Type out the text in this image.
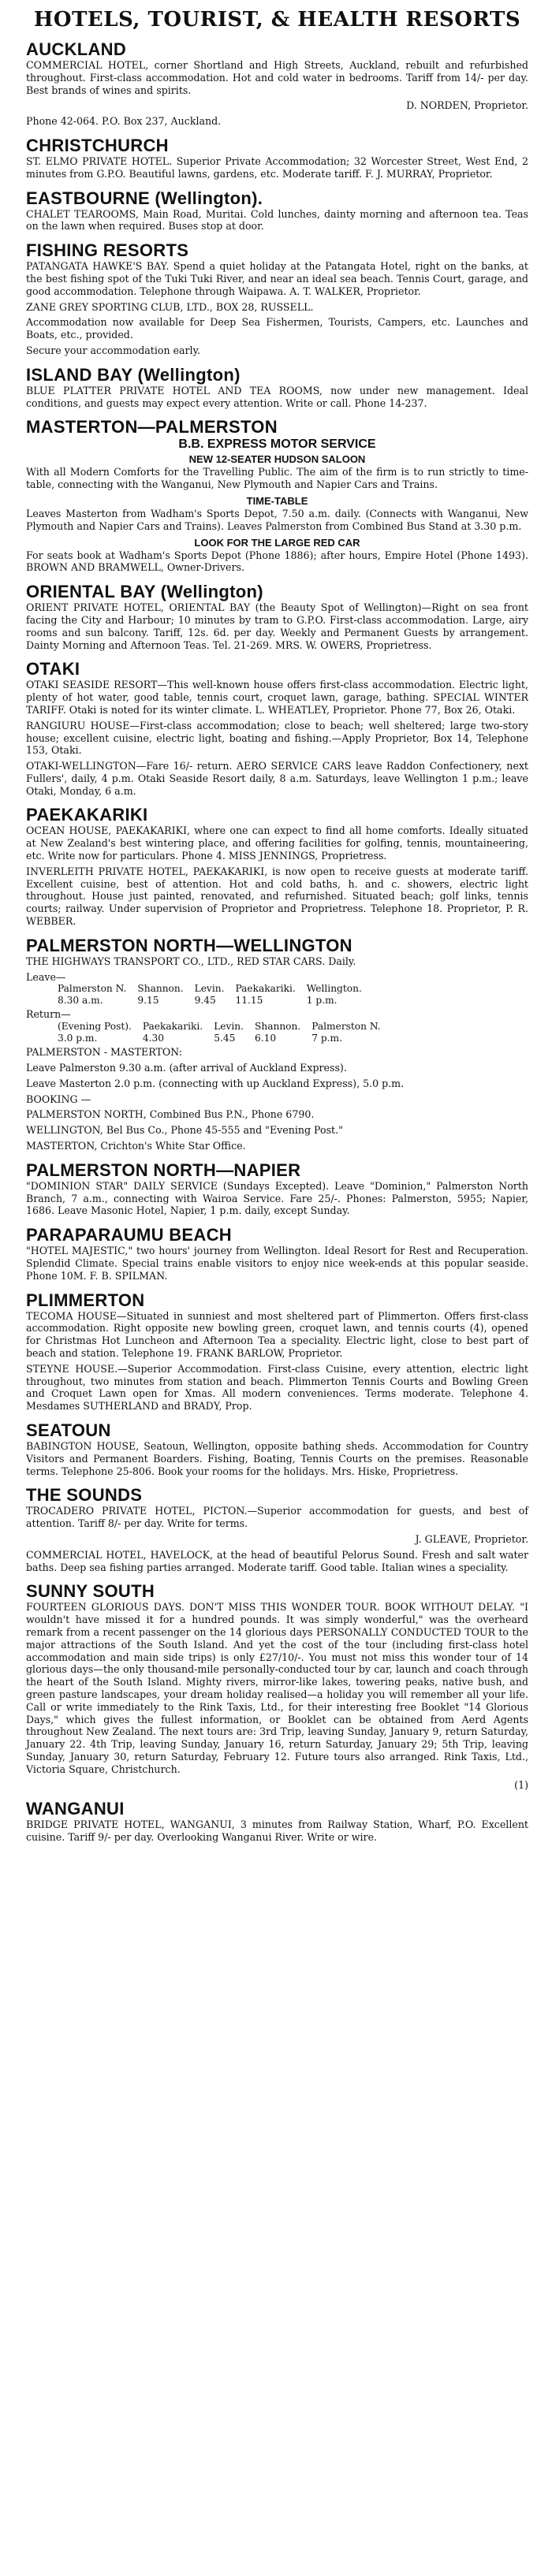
HOTELS, TOURIST, & HEALTH RESORTS
AUCKLAND

COMMERCIAL HOTEL, corner Shortland and High Streets, Auckland, rebuilt and refurbished throughout. First-class accommodation. Hot and cold water in bedrooms. Tariff from 14/- per day. Best brands of wines and spirits.

D. NORDEN, Proprietor.

Phone 42-064. P.O. Box 237, Auckland.

CHRISTCHURCH

ST. ELMO PRIVATE HOTEL. Superior Private Accommodation; 32 Worcester Street, West End, 2 minutes from G.P.O. Beautiful lawns, gardens, etc. Moderate tariff. F. J. MURRAY, Proprietor.

EASTBOURNE (Wellington).

CHALET TEAROOMS, Main Road, Muritai. Cold lunches, dainty morning and afternoon tea. Teas on the lawn when required. Buses stop at door.

FISHING RESORTS

PATANGATA HAWKE'S BAY. Spend a quiet holiday at the Patangata Hotel, right on the banks, at the best fishing spot of the Tuki Tuki River, and near an ideal sea beach. Tennis Court, garage, and good accommodation. Telephone through Waipawa. A. T. WALKER, Proprietor.

ZANE GREY SPORTING CLUB, LTD., BOX 28, RUSSELL.

Accommodation now available for Deep Sea Fishermen, Tourists, Campers, etc. Launches and Boats, etc., provided.

Secure your accommodation early.

ISLAND BAY (Wellington)

BLUE PLATTER PRIVATE HOTEL AND TEA ROOMS, now under new management. Ideal conditions, and guests may expect every attention. Write or call. Phone 14-237.

MASTERTON—PALMERSTON
B.B. EXPRESS MOTOR SERVICE
NEW 12-SEATER HUDSON SALOON

With all Modern Comforts for the Travelling Public. The aim of the firm is to run strictly to time-table, connecting with the Wanganui, New Plymouth and Napier Cars and Trains.

TIME-TABLE

Leaves Masterton from Wadham's Sports Depot, 7.50 a.m. daily. (Connects with Wanganui, New Plymouth and Napier Cars and Trains). Leaves Palmerston from Combined Bus Stand at 3.30 p.m.

LOOK FOR THE LARGE RED CAR

For seats book at Wadham's Sports Depot (Phone 1886); after hours, Empire Hotel (Phone 1493). BROWN AND BRAMWELL, Owner-Drivers.

ORIENTAL BAY (Wellington)

ORIENT PRIVATE HOTEL, ORIENTAL BAY (the Beauty Spot of Wellington)—Right on sea front facing the City and Harbour; 10 minutes by tram to G.P.O. First-class accommodation. Large, airy rooms and sun balcony. Tariff, 12s. 6d. per day. Weekly and Permanent Guests by arrangement. Dainty Morning and Afternoon Teas. Tel. 21-269. MRS. W. OWERS, Proprietress.

OTAKI

OTAKI SEASIDE RESORT—This well-known house offers first-class accommodation. Electric light, plenty of hot water, good table, tennis court, croquet lawn, garage, bathing. SPECIAL WINTER TARIFF. Otaki is noted for its winter climate. L. WHEATLEY, Proprietor. Phone 77, Box 26, Otaki.

RANGIURU HOUSE—First-class accommodation; close to beach; well sheltered; large two-story house; excellent cuisine, electric light, boating and fishing.—Apply Proprietor, Box 14, Telephone 153, Otaki.

OTAKI-WELLINGTON—Fare 16/- return. AERO SERVICE CARS leave Raddon Confectionery, next Fullers', daily, 4 p.m. Otaki Seaside Resort daily, 8 a.m. Saturdays, leave Wellington 1 p.m.; leave Otaki, Monday, 6 a.m.

PAEKAKARIKI

OCEAN HOUSE, PAEKAKARIKI, where one can expect to find all home comforts. Ideally situated at New Zealand's best wintering place, and offering facilities for golfing, tennis, mountaineering, etc. Write now for particulars. Phone 4. MISS JENNINGS, Proprietress.

INVERLEITH PRIVATE HOTEL, PAEKAKARIKI, is now open to receive guests at moderate tariff. Excellent cuisine, best of attention. Hot and cold baths, h. and c. showers, electric light throughout. House just painted, renovated, and refurnished. Situated beach; golf links, tennis courts; railway. Under supervision of Proprietor and Proprietress. Telephone 18. Proprietor, P. R. WEBBER.

PALMERSTON NORTH—WELLINGTON

THE HIGHWAYS TRANSPORT CO., LTD., RED STAR CARS. Daily.

Leave—
Palmerston N.	Shannon.	Levin.	Paekakariki.	Wellington.
8.30 a.m.	9.15	9.45	11.15	1 p.m.
Return—
(Evening Post).	Paekakariki.	Levin.	Shannon.	Palmerston N.
3.0 p.m.	4.30	5.45	6.10	7 p.m.

PALMERSTON - MASTERTON:

Leave Palmerston 9.30 a.m. (after arrival of Auckland Express).

Leave Masterton 2.0 p.m. (connecting with up Auckland Express), 5.0 p.m.

BOOKING —

PALMERSTON NORTH, Combined Bus P.N., Phone 6790.

WELLINGTON, Bel Bus Co., Phone 45-555 and "Evening Post."

MASTERTON, Crichton's White Star Office.

PALMERSTON NORTH—NAPIER

"DOMINION STAR" DAILY SERVICE (Sundays Excepted). Leave "Dominion," Palmerston North Branch, 7 a.m., connecting with Wairoa Service. Fare 25/-. Phones: Palmerston, 5955; Napier, 1686. Leave Masonic Hotel, Napier, 1 p.m. daily, except Sunday.

PARAPARAUMU BEACH

"HOTEL MAJESTIC," two hours' journey from Wellington. Ideal Resort for Rest and Recuperation. Splendid Climate. Special trains enable visitors to enjoy nice week-ends at this popular seaside. Phone 10M. F. B. SPILMAN.

PLIMMERTON

TECOMA HOUSE—Situated in sunniest and most sheltered part of Plimmerton. Offers first-class accommodation. Right opposite new bowling green, croquet lawn, and tennis courts (4), opened for Christmas Hot Luncheon and Afternoon Tea a speciality. Electric light, close to best part of beach and station. Telephone 19. FRANK BARLOW, Proprietor.

STEYNE HOUSE.—Superior Accommodation. First-class Cuisine, every attention, electric light throughout, two minutes from station and beach. Plimmerton Tennis Courts and Bowling Green and Croquet Lawn open for Xmas. All modern conveniences. Terms moderate. Telephone 4. Mesdames SUTHERLAND and BRADY, Prop.

SEATOUN

BABINGTON HOUSE, Seatoun, Wellington, opposite bathing sheds. Accommodation for Country Visitors and Permanent Boarders. Fishing, Boating, Tennis Courts on the premises. Reasonable terms. Telephone 25-806. Book your rooms for the holidays. Mrs. Hiske, Proprietress.

THE SOUNDS

TROCADERO PRIVATE HOTEL, PICTON.—Superior accommodation for guests, and best of attention. Tariff 8/- per day. Write for terms.

J. GLEAVE, Proprietor.

COMMERCIAL HOTEL, HAVELOCK, at the head of beautiful Pelorus Sound. Fresh and salt water baths. Deep sea fishing parties arranged. Moderate tariff. Good table. Italian wines a speciality.

SUNNY SOUTH

FOURTEEN GLORIOUS DAYS. DON'T MISS THIS WONDER TOUR. BOOK WITHOUT DELAY. "I wouldn't have missed it for a hundred pounds. It was simply wonderful," was the overheard remark from a recent passenger on the 14 glorious days PERSONALLY CONDUCTED TOUR to the major attractions of the South Island. And yet the cost of the tour (including first-class hotel accommodation and main side trips) is only £27/10/-. You must not miss this wonder tour of 14 glorious days—the only thousand-mile personally-conducted tour by car, launch and coach through the heart of the South Island. Mighty rivers, mirror-like lakes, towering peaks, native bush, and green pasture landscapes, your dream holiday realised—a holiday you will remember all your life. Call or write immediately to the Rink Taxis, Ltd., for their interesting free Booklet "14 Glorious Days," which gives the fullest information, or Booklet can be obtained from Aerd Agents throughout New Zealand. The next tours are: 3rd Trip, leaving Sunday, January 9, return Saturday, January 22. 4th Trip, leaving Sunday, January 16, return Saturday, January 29; 5th Trip, leaving Sunday, January 30, return Saturday, February 12. Future tours also arranged. Rink Taxis, Ltd., Victoria Square, Christchurch.

(1)

WANGANUI

BRIDGE PRIVATE HOTEL, WANGANUI, 3 minutes from Railway Station, Wharf, P.O. Excellent cuisine. Tariff 9/- per day. Overlooking Wanganui River. Write or wire.
